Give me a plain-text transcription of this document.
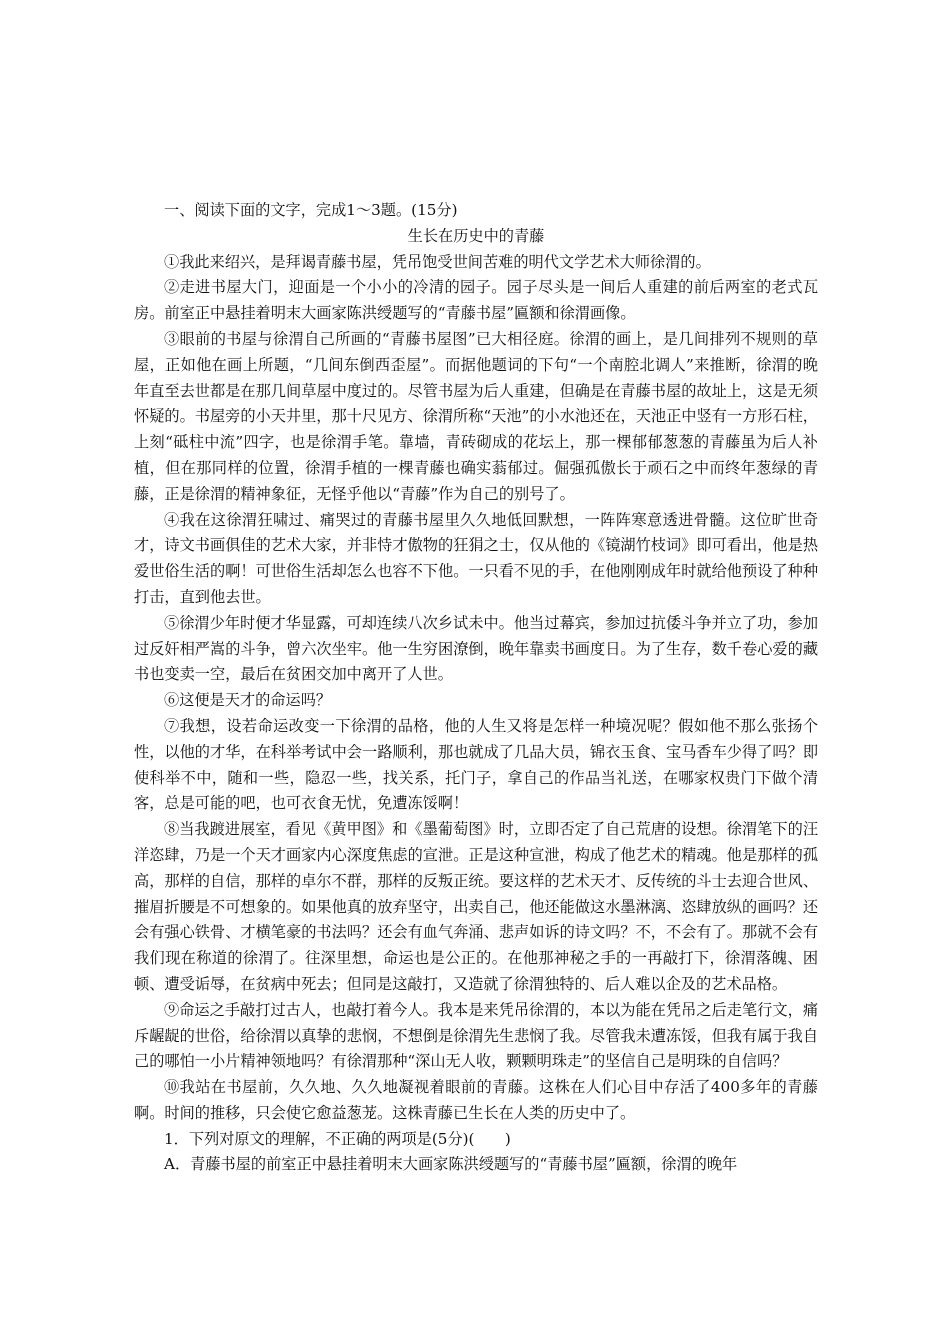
一、阅读下面的文字，完成1～3题。(15分)

生长在历史中的青藤

①我此来绍兴，是拜谒青藤书屋，凭吊饱受世间苦难的明代文学艺术大师徐渭的。

②走进书屋大门，迎面是一个小小的冷清的园子。园子尽头是一间后人重建的前后两室的老式瓦房。前室正中悬挂着明末大画家陈洪绶题写的“青藤书屋”匾额和徐渭画像。

③眼前的书屋与徐渭自己所画的“青藤书屋图”已大相径庭。徐渭的画上，是几间排列不规则的草屋，正如他在画上所题，“几间东倒西歪屋”。而据他题词的下句“一个南腔北调人”来推断，徐渭的晚年直至去世都是在那几间草屋中度过的。尽管书屋为后人重建，但确是在青藤书屋的故址上，这是无须怀疑的。书屋旁的小天井里，那十尺见方、徐渭所称“天池”的小水池还在，天池正中竖有一方形石柱，上刻“砥柱中流”四字，也是徐渭手笔。靠墙，青砖砌成的花坛上，那一棵郁郁葱葱的青藤虽为后人补植，但在那同样的位置，徐渭手植的一棵青藤也确实蓊郁过。倔强孤傲长于顽石之中而终年葱绿的青藤，正是徐渭的精神象征，无怪乎他以“青藤”作为自己的别号了。

④我在这徐渭狂啸过、痛哭过的青藤书屋里久久地低回默想，一阵阵寒意透进骨髓。这位旷世奇才，诗文书画俱佳的艺术大家，并非恃才傲物的狂狷之士，仅从他的《镜湖竹枝词》即可看出，他是热爱世俗生活的啊！可世俗生活却怎么也容不下他。一只看不见的手，在他刚刚成年时就给他预设了种种打击，直到他去世。

⑤徐渭少年时便才华显露，可却连续八次乡试未中。他当过幕宾，参加过抗倭斗争并立了功，参加过反奸相严嵩的斗争，曾六次坐牢。他一生穷困潦倒，晚年靠卖书画度日。为了生存，数千卷心爱的藏书也变卖一空，最后在贫困交加中离开了人世。

⑥这便是天才的命运吗？

⑦我想，设若命运改变一下徐渭的品格，他的人生又将是怎样一种境况呢？假如他不那么张扬个性，以他的才华，在科举考试中会一路顺利，那也就成了几品大员，锦衣玉食、宝马香车少得了吗？即使科举不中，随和一些，隐忍一些，找关系，托门子，拿自己的作品当礼送，在哪家权贵门下做个清客，总是可能的吧，也可衣食无忧，免遭冻馁啊！

⑧当我踱进展室，看见《黄甲图》和《墨葡萄图》时，立即否定了自己荒唐的设想。徐渭笔下的汪洋恣肆，乃是一个天才画家内心深度焦虑的宣泄。正是这种宣泄，构成了他艺术的精魂。他是那样的孤高，那样的自信，那样的卓尔不群，那样的反叛正统。要这样的艺术天才、反传统的斗士去迎合世风、摧眉折腰是不可想象的。如果他真的放弃坚守，出卖自己，他还能做这水墨淋漓、恣肆放纵的画吗？还会有强心铁骨、才横笔豪的书法吗？还会有血气奔涌、悲声如诉的诗文吗？不，不会有了。那就不会有我们现在称道的徐渭了。往深里想，命运也是公正的。在他那神秘之手的一再敲打下，徐渭落魄、困顿、遭受诟辱，在贫病中死去；但同是这敲打，又造就了徐渭独特的、后人难以企及的艺术品格。

⑨命运之手敲打过古人，也敲打着今人。我本是来凭吊徐渭的，本以为能在凭吊之后走笔行文，痛斥龌龊的世俗，给徐渭以真挚的悲悯，不想倒是徐渭先生悲悯了我。尽管我未遭冻馁，但我有属于我自己的哪怕一小片精神领地吗？有徐渭那种“深山无人收，颗颗明珠走”的坚信自己是明珠的自信吗？

⑩我站在书屋前，久久地、久久地凝视着眼前的青藤。这株在人们心目中存活了400多年的青藤啊。时间的推移，只会使它愈益葱茏。这株青藤已生长在人类的历史中了。

1．下列对原文的理解，不正确的两项是(5分)(　　)

A．青藤书屋的前室正中悬挂着明末大画家陈洪绶题写的“青藤书屋”匾额，徐渭的晚年
